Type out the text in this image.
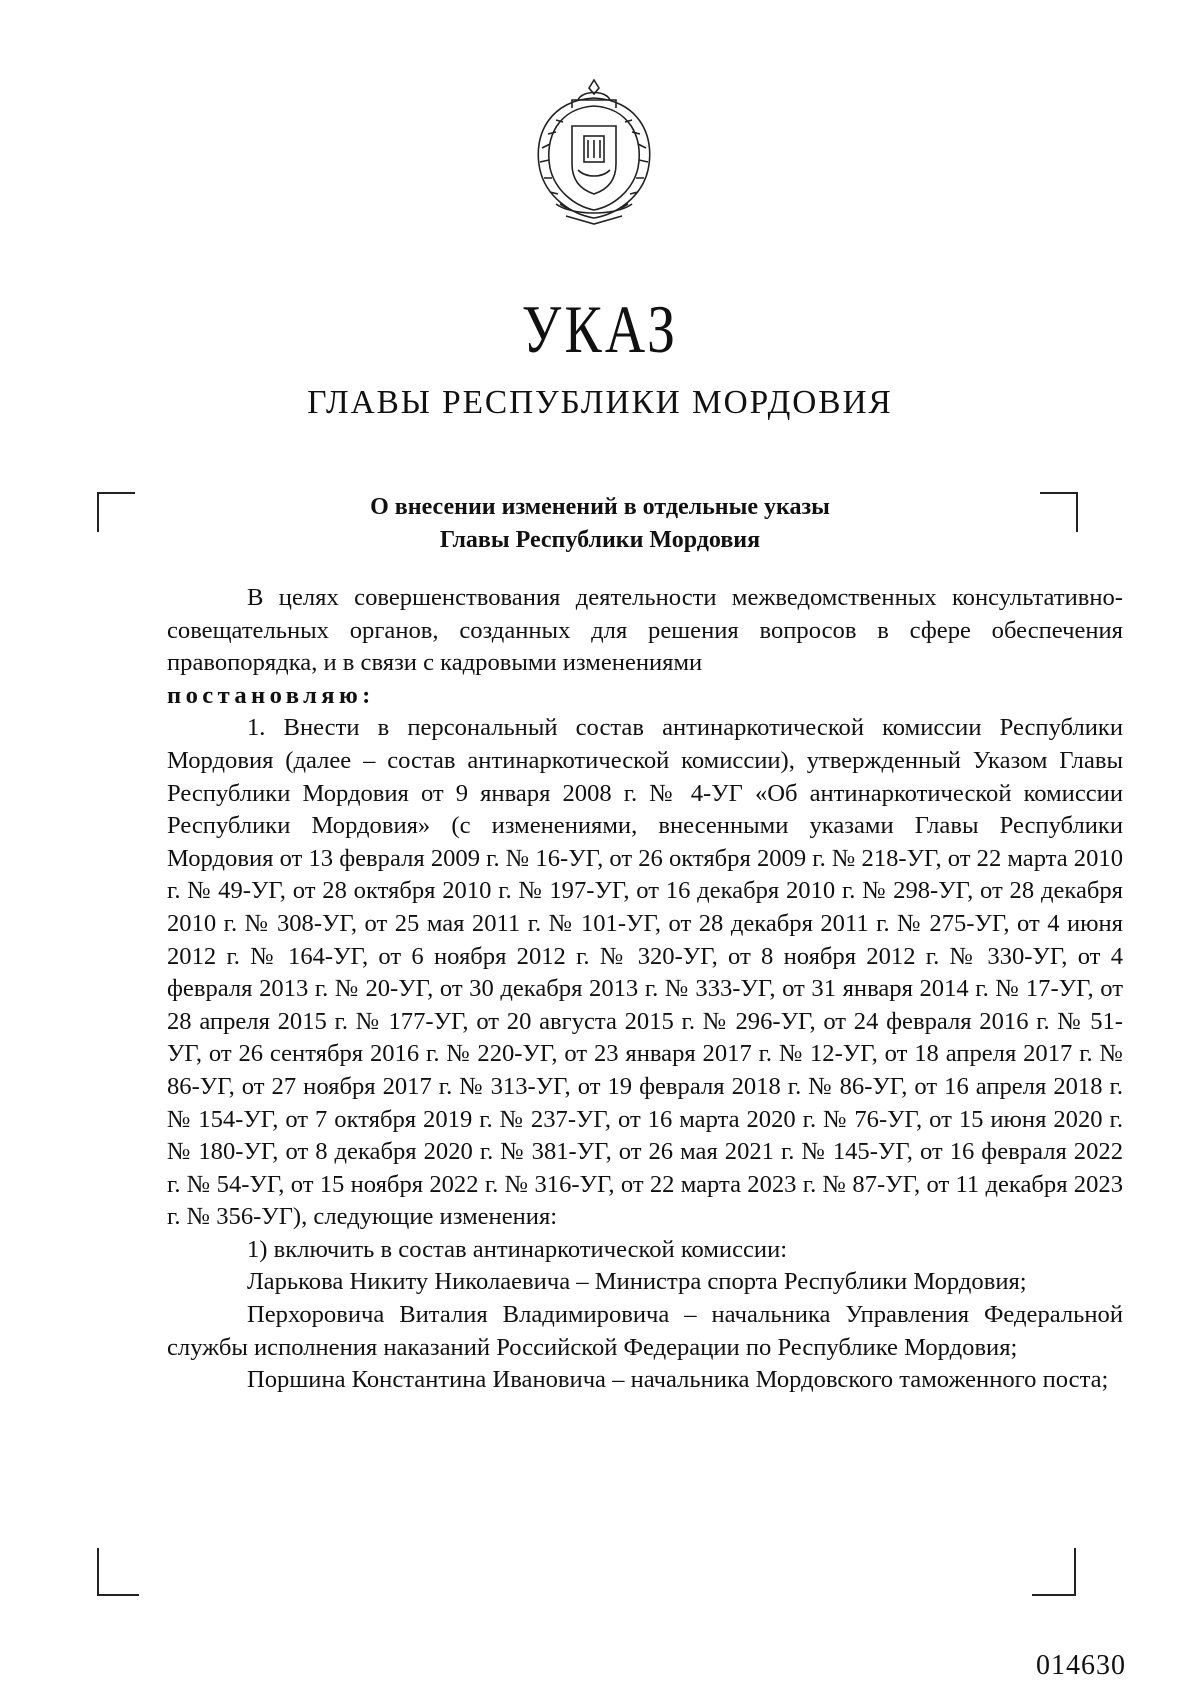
УКАЗ
ГЛАВЫ РЕСПУБЛИКИ МОРДОВИЯ
О внесении изменений в отдельные указы
Главы Республики Мордовия

В целях совершенствования деятельности межведомственных консультативно-совещательных органов, созданных для решения вопросов в сфере обеспечения правопорядка, и в связи с кадровыми изменениями

постановляю:

1. Внести в персональный состав антинаркотической комиссии Республики Мордовия (далее – состав антинаркотической комиссии), утвержденный Указом Главы Республики Мордовия от 9 января 2008 г. № 4-УГ «Об антинаркотической комиссии Республики Мордовия» (с изменениями, внесенными указами Главы Республики Мордовия от 13 февраля 2009 г. № 16-УГ, от 26 октября 2009 г. № 218-УГ, от 22 марта 2010 г. № 49-УГ, от 28 октября 2010 г. № 197-УГ, от 16 декабря 2010 г. № 298-УГ, от 28 декабря 2010 г. № 308-УГ, от 25 мая 2011 г. № 101-УГ, от 28 декабря 2011 г. № 275-УГ, от 4 июня 2012 г. № 164-УГ, от 6 ноября 2012 г. № 320-УГ, от 8 ноября 2012 г. № 330-УГ, от 4 февраля 2013 г. № 20-УГ, от 30 декабря 2013 г. № 333-УГ, от 31 января 2014 г. № 17-УГ, от 28 апреля 2015 г. № 177-УГ, от 20 августа 2015 г. № 296-УГ, от 24 февраля 2016 г. № 51-УГ, от 26 сентября 2016 г. № 220-УГ, от 23 января 2017 г. № 12-УГ, от 18 апреля 2017 г. № 86-УГ, от 27 ноября 2017 г. № 313-УГ, от 19 февраля 2018 г. № 86-УГ, от 16 апреля 2018 г. № 154-УГ, от 7 октября 2019 г. № 237-УГ, от 16 марта 2020 г. № 76-УГ, от 15 июня 2020 г. № 180-УГ, от 8 декабря 2020 г. № 381-УГ, от 26 мая 2021 г. № 145-УГ, от 16 февраля 2022 г. № 54-УГ, от 15 ноября 2022 г. № 316-УГ, от 22 марта 2023 г. № 87-УГ, от 11 декабря 2023 г. № 356-УГ), следующие изменения:

1) включить в состав антинаркотической комиссии:

Ларькова Никиту Николаевича – Министра спорта Республики Мордовия;

Перхоровича Виталия Владимировича – начальника Управления Федеральной службы исполнения наказаний Российской Федерации по Республике Мордовия;

Поршина Константина Ивановича – начальника Мордовского таможенного поста;

014630
